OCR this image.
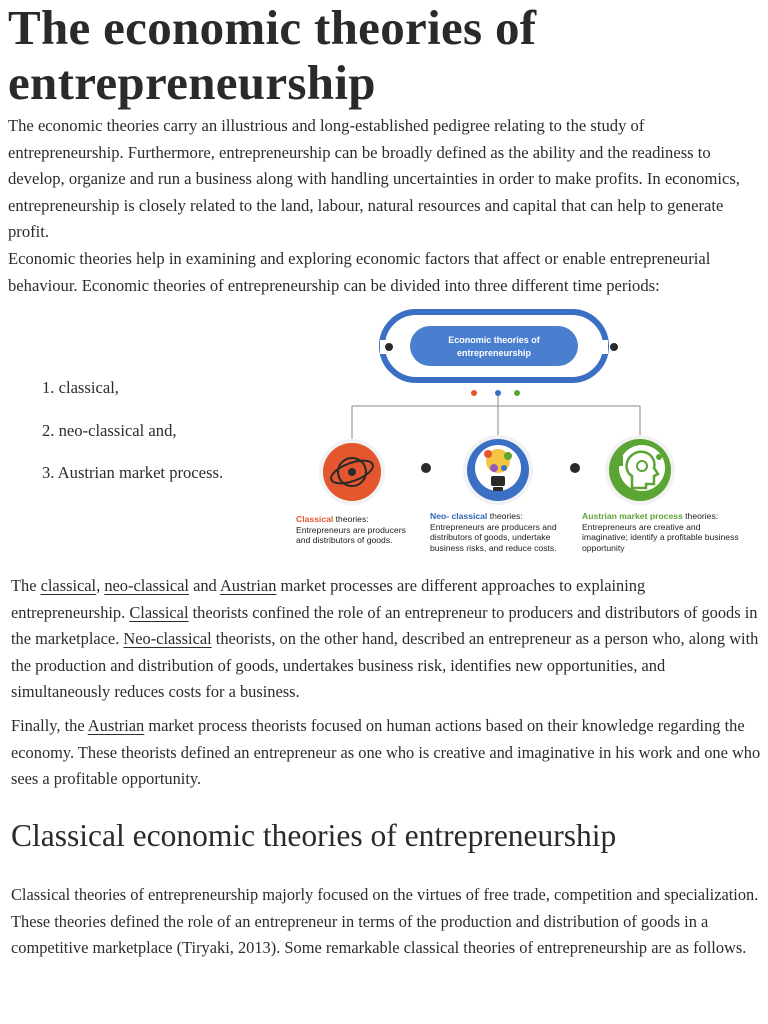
The economic theories of entrepreneurship

The economic theories carry an illustrious and long-established pedigree relating to the study of entrepreneurship. Furthermore, entrepreneurship can be broadly defined as the ability and the readiness to develop, organize and run a business along with handling uncertainties in order to make profits. In economics, entrepreneurship is closely related to the land, labour, natural resources and capital that can help to generate profit.

Economic theories help in examining and exploring economic factors that affect or enable entrepreneurial behaviour. Economic theories of entrepreneurship can be divided into three different time periods:

1. classical,
2. neo-classical and,
3. Austrian market process.
Economic theories of
entrepreneurship
Classical theories:
Entrepreneurs are producers and distributors of goods.
Neo- classical theories:
Entrepreneurs are producers and distributors of goods, undertake business risks, and reduce costs.
Austrian market process theories:
Entrepreneurs are creative and imaginative; identify a profitable business opportunity

The classical, neo-classical and Austrian market processes are different approaches to explaining entrepreneurship. Classical theorists confined the role of an entrepreneur to producers and distributors of goods in the marketplace. Neo-classical theorists, on the other hand, described an entrepreneur as a person who, along with the production and distribution of goods, undertakes business risk, identifies new opportunities, and simultaneously reduces costs for a business.

Finally, the Austrian market process theorists focused on human actions based on their knowledge regarding the economy. These theorists defined an entrepreneur as one who is creative and imaginative in his work and one who sees a profitable opportunity.

Classical economic theories of entrepreneurship

Classical theories of entrepreneurship majorly focused on the virtues of free trade, competition and specialization. These theories defined the role of an entrepreneur in terms of the production and distribution of goods in a competitive marketplace (Tiryaki, 2013). Some remarkable classical theories of entrepreneurship are as follows.
